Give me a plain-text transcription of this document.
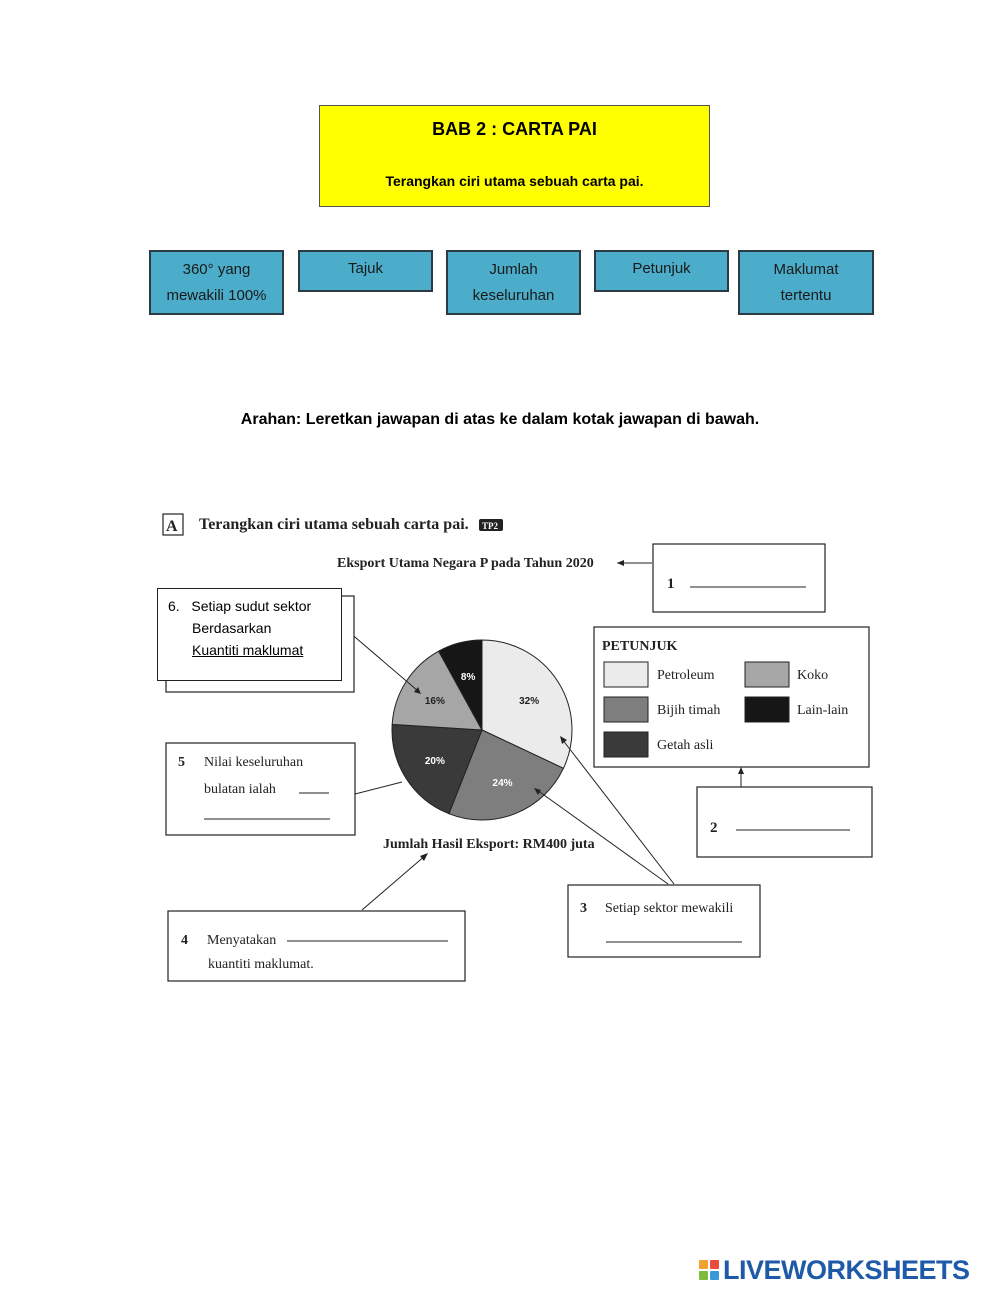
BAB 2 : CARTA PAI
Terangkan ciri utama sebuah carta pai.
360° yang
mewakili 100%
Tajuk	Jumlah
keseluruhan
Petunjuk	Maklumat
tertentu
Arahan: Leretkan jawapan di atas ke dalam kotak jawapan di bawah.
A Terangkan ciri utama sebuah carta pai. TP2
Eksport Utama Negara P pada Tahun 2020
1
PETUNJUK
Petroleum	Koko
Bijih timah	Lain-lain
Getah asli
32%
24%
20%
16%
8%
Jumlah Hasil Eksport: RM400 juta
2
3 Setiap sektor mewakili
4 Menyatakan
kuantiti maklumat.
5 Nilai keseluruhan
bulatan ialah
6. Setiap sudut sektor
Berdasarkan
Kuantiti maklumat
LIVEWORKSHEETS
